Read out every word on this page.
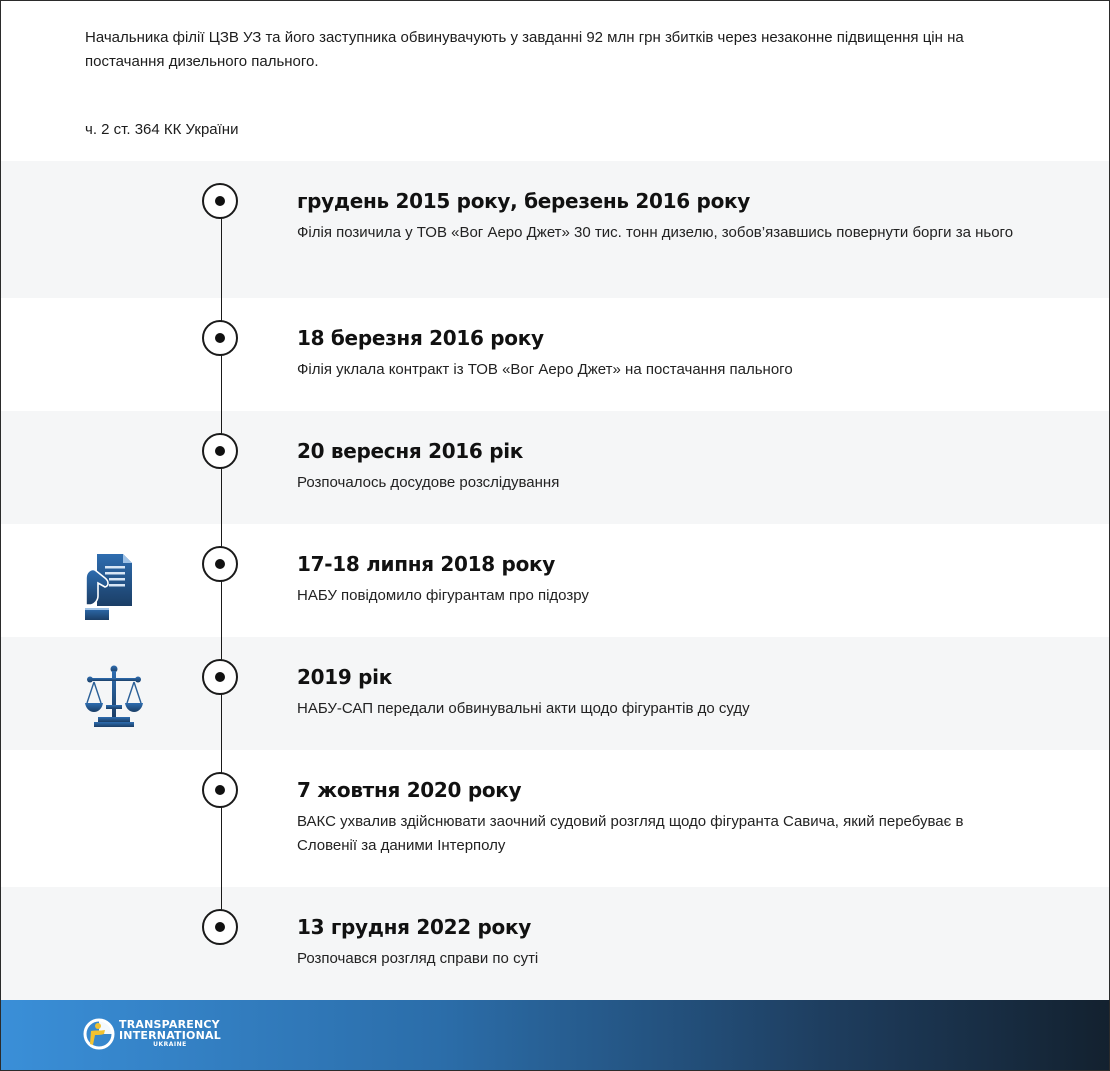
Начальника філії ЦЗВ УЗ та його заступника обвинувачують у завданні 92 млн грн збитків через незаконне підвищення цін на постачання дизельного пального.
ч. 2 ст. 364 КК України
грудень 2015 року, березень 2016 року
Філія позичила у ТОВ «Вог Аеро Джет» 30 тис. тонн дизелю, зобов’язавшись повернути борги за нього
18 березня 2016 року
Філія уклала контракт із ТОВ «Вог Аеро Джет» на постачання пального
20 вересня 2016 рік
Розпочалось досудове розслідування
17-18 липня 2018 року
НАБУ повідомило фігурантам про підозру
2019 рік
НАБУ-САП передали обвинувальні акти щодо фігурантів до суду
7 жовтня 2020 року
ВАКС ухвалив здійснювати заочний судовий розгляд щодо фігуранта Савича, який перебуває в Словенії за даними Інтерполу
13 грудня 2022 року
Розпочався розгляд справи по суті
TRANSPARENCY
INTERNATIONAL
UKRAINE
